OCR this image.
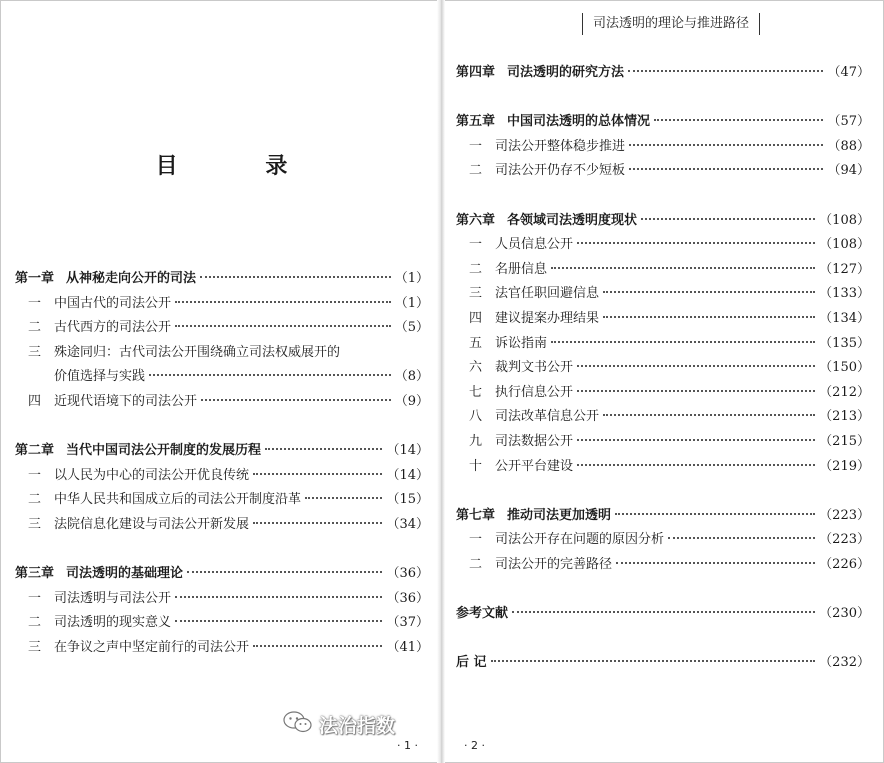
目 录
第一章 从神秘走向公开的司法	（1）
一 中国古代的司法公开	（1）
二 古代西方的司法公开	（5）
三 殊途同归：古代司法公开围绕确立司法权威展开的
价值选择与实践	（8）
四 近现代语境下的司法公开	（9）
第二章 当代中国司法公开制度的发展历程	（14）
一 以人民为中心的司法公开优良传统	（14）
二 中华人民共和国成立后的司法公开制度沿革	（15）
三 法院信息化建设与司法公开新发展	（34）
第三章 司法透明的基础理论	（36）
一 司法透明与司法公开	（36）
二 司法透明的现实意义	（37）
三 在争议之声中坚定前行的司法公开	（41）
· 1 ·
司法透明的理论与推进路径
第四章 司法透明的研究方法	（47）
第五章 中国司法透明的总体情况	（57）
一 司法公开整体稳步推进	（88）
二 司法公开仍存不少短板	（94）
第六章 各领域司法透明度现状	（108）
一 人员信息公开	（108）
二 名册信息	（127）
三 法官任职回避信息	（133）
四 建议提案办理结果	（134）
五 诉讼指南	（135）
六 裁判文书公开	（150）
七 执行信息公开	（212）
八 司法改革信息公开	（213）
九 司法数据公开	（215）
十 公开平台建设	（219）
第七章 推动司法更加透明	（223）
一 司法公开存在问题的原因分析	（223）
二 司法公开的完善路径	（226）
参考文献	（230）
后 记	（232）
· 2 ·
法治指数
